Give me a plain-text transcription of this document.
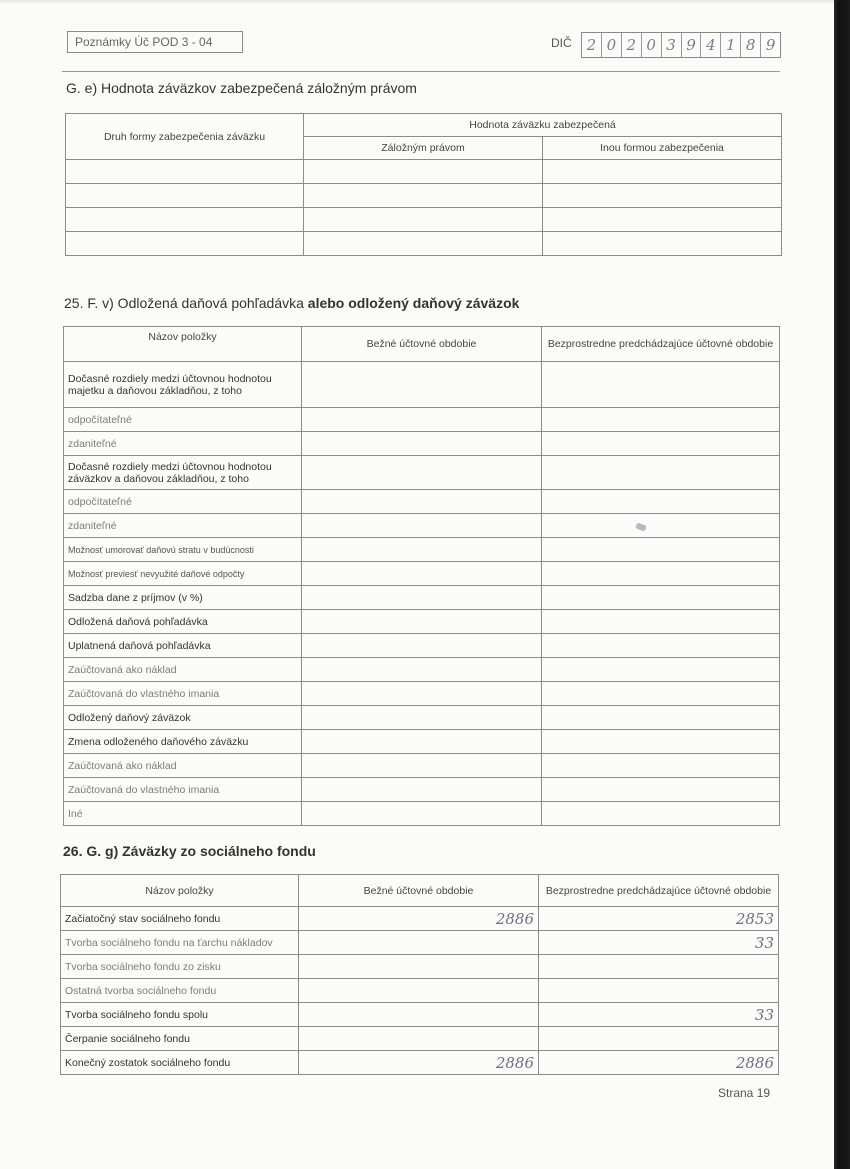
Poznámky Úč POD 3 - 04	DIČ	2 0 2 0 3 9 4 1 8 9
G. e) Hodnota záväzkov zabezpečená záložným právom
Druh formy zabezpečenia záväzku	Hodnota záväzku zabezpečená	
	Záložným právom	Inou formou zabezpečenia

25. F. v) Odložená daňová pohľadávka alebo odložený daňový záväzok
Názov položky	Bežné účtovné obdobie	Bezprostredne predchádzajúce účtovné obdobie
Dočasné rozdiely medzi účtovnou hodnotou majetku a daňovou základňou, z toho		
odpočítateľné		
zdaniteľné		
Dočasné rozdiely medzi účtovnou hodnotou záväzkov a daňovou základňou, z toho		
odpočítateľné		
zdaniteľné		
Možnosť umorovať daňovú stratu v budúcnosti		
Možnosť previesť nevyužité daňové odpočty		
Sadzba dane z príjmov (v %)		
Odložená daňová pohľadávka		
Uplatnená daňová pohľadávka		
Zaúčtovaná ako náklad		
Zaúčtovaná do vlastného imania		
Odložený daňový záväzok		
Zmena odloženého daňového záväzku		
Zaúčtovaná ako náklad		
Zaúčtovaná do vlastného imania		
Iné		
26. G. g) Záväzky zo sociálneho fondu
Názov položky	Bežné účtovné obdobie	Bezprostredne predchádzajúce účtovné obdobie
Začiatočný stav sociálneho fondu	2886	2853
Tvorba sociálneho fondu na ťarchu nákladov		33
Tvorba sociálneho fondu zo zisku		
Ostatná tvorba sociálneho fondu		
Tvorba sociálneho fondu spolu		33
Čerpanie sociálneho fondu		
Konečný zostatok sociálneho fondu	2886	2886
Strana 19
